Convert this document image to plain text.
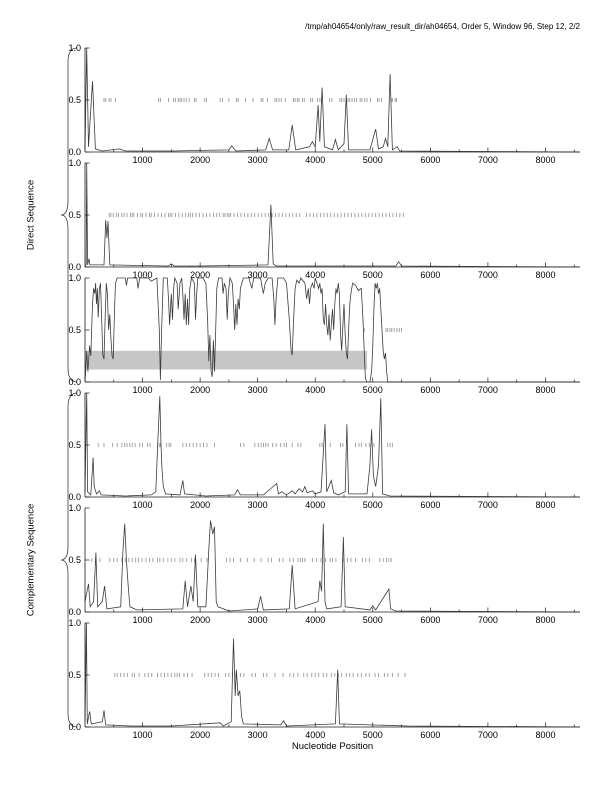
/tmp/ah04654/only/raw_result_dir/ah04654, Order 5, Window 96, Step 12, 2/2
1000	2000	3000	4000	5000	6000	7000	8000
0.0
0.5
1.0
1000	2000	3000	4000	5000	6000	7000	8000
0.0
0.5
1.0
1000	2000	3000	4000	5000	6000	7000	8000
0.0
0.5
1.0
1000	2000	3000	4000	5000	6000	7000	8000
0.0
0.5
1.0
1000	2000	3000	4000	5000	6000	7000	8000
0.0
0.5
1.0
1000	2000	3000	4000	5000	6000	7000	8000
0.0
0.5
1.0
Direct Sequence
Complementary Sequence
Nucleotide Position
